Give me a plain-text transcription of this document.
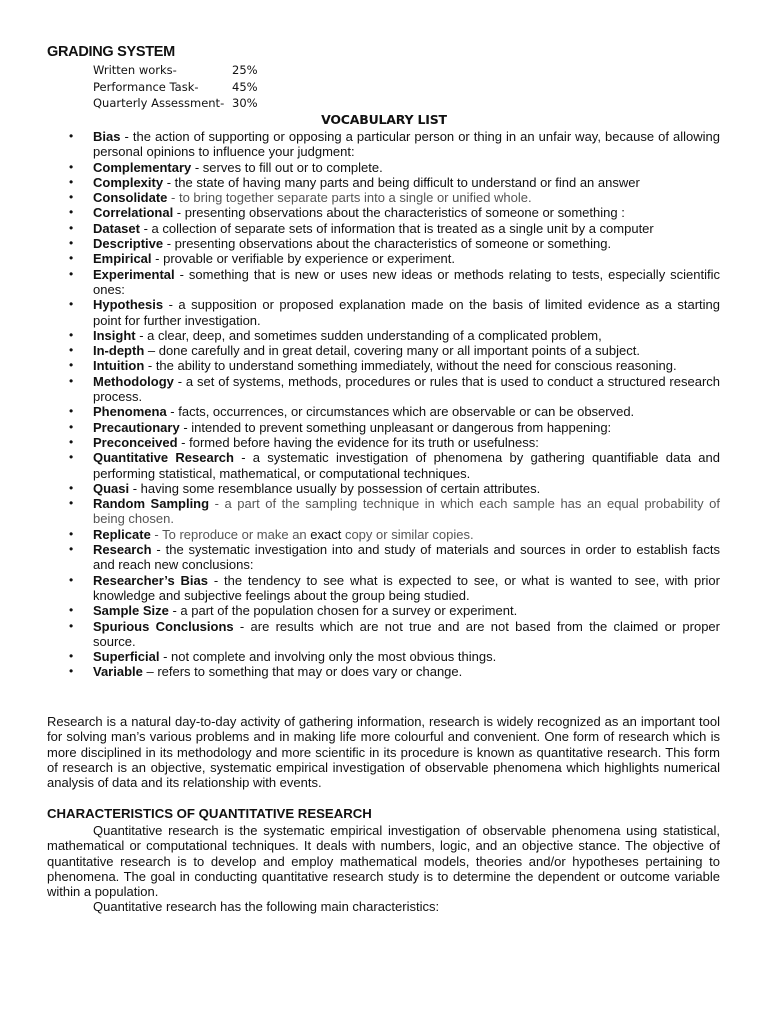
GRADING SYSTEM
Written works-	25%
Performance Task-	45%
Quarterly Assessment- 30%
VOCABULARY LIST
• Bias - the action of supporting or opposing a particular person or thing in an unfair way, because of allowing personal opinions to influence your judgment:
• Complementary - serves to fill out or to complete.
• Complexity - the state of having many parts and being difficult to understand or find an answer
• Consolidate - to bring together separate parts into a single or unified whole.
• Correlational - presenting observations about the characteristics of someone or something :
• Dataset - a collection of separate sets of information that is treated as a single unit by a computer
• Descriptive - presenting observations about the characteristics of someone or something.
• Empirical - provable or verifiable by experience or experiment.
• Experimental - something that is new or uses new ideas or methods relating to tests, especially scientific ones:
• Hypothesis - a supposition or proposed explanation made on the basis of limited evidence as a starting point for further investigation.
• Insight - a clear, deep, and sometimes sudden understanding of a complicated problem,
• In-depth – done carefully and in great detail, covering many or all important points of a subject.
• Intuition - the ability to understand something immediately, without the need for conscious reasoning.
• Methodology - a set of systems, methods, procedures or rules that is used to conduct a structured research process.
• Phenomena - facts, occurrences, or circumstances which are observable or can be observed.
• Precautionary - intended to prevent something unpleasant or dangerous from happening:
• Preconceived - formed before having the evidence for its truth or usefulness:
• Quantitative Research - a systematic investigation of phenomena by gathering quantifiable data and performing statistical, mathematical, or computational techniques.
• Quasi - having some resemblance usually by possession of certain attributes.
• Random Sampling - a part of the sampling technique in which each sample has an equal probability of being chosen.
• Replicate - To reproduce or make an exact copy or similar copies.
• Research - the systematic investigation into and study of materials and sources in order to establish facts and reach new conclusions:
• Researcher’s Bias - the tendency to see what is expected to see, or what is wanted to see, with prior knowledge and subjective feelings about the group being studied.
• Sample Size - a part of the population chosen for a survey or experiment.
• Spurious Conclusions - are results which are not true and are not based from the claimed or proper source.
• Superficial - not complete and involving only the most obvious things.
• Variable – refers to something that may or does vary or change.

Research is a natural day-to-day activity of gathering information, research is widely recognized as an important tool for solving man’s various problems and in making life more colourful and convenient. One form of research which is more disciplined in its methodology and more scientific in its procedure is known as quantitative research. This form of research is an objective, systematic empirical investigation of observable phenomena which highlights numerical analysis of data and its relationship with events.

CHARACTERISTICS OF QUANTITATIVE RESEARCH

Quantitative research is the systematic empirical investigation of observable phenomena using statistical, mathematical or computational techniques. It deals with numbers, logic, and an objective stance. The objective of quantitative research is to develop and employ mathematical models, theories and/or hypotheses pertaining to phenomena. The goal in conducting quantitative research study is to determine the dependent or outcome variable within a population.

Quantitative research has the following main characteristics:
